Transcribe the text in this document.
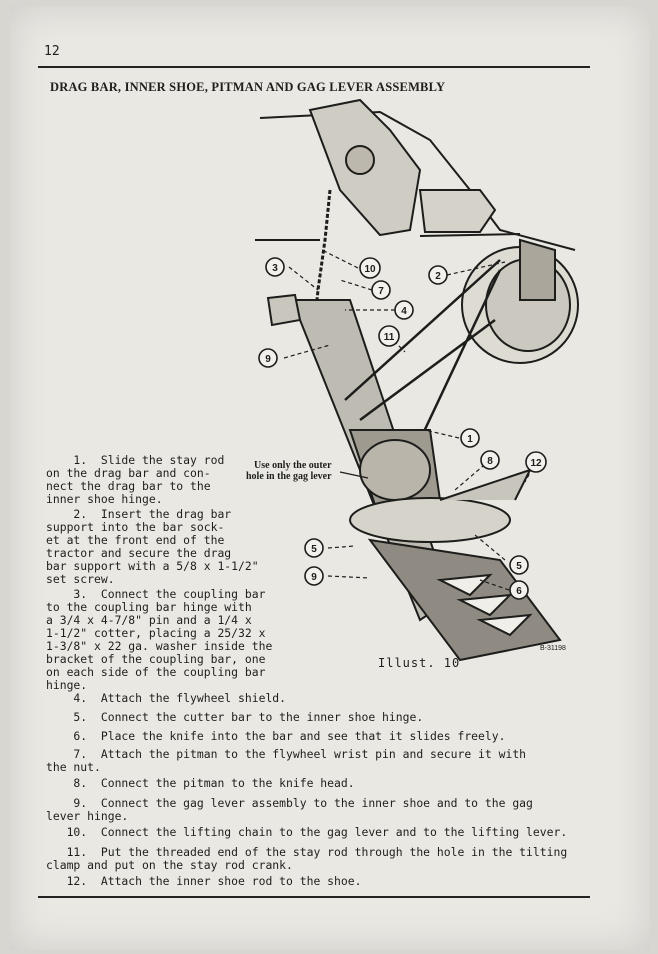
12
DRAG BAR, INNER SHOE, PITMAN AND GAG LEVER ASSEMBLY
1
2
3
4
5
5
6
7
8
9
9
10
11
12
Use only the outer
hole in the gag lever
Illust. 10
B-31198
1.  Slide the stay rod
on the drag bar and con-
nect the drag bar to the
inner shoe hinge.
2.  Insert the drag bar
support into the bar sock-
et at the front end of the
tractor and secure the drag
bar support with a 5/8 x 1-1/2"
set screw.
3.  Connect the coupling bar
to the coupling bar hinge with
a 3/4 x 4-7/8" pin and a 1/4 x
1-1/2" cotter, placing a 25/32 x
1-3/8" x 22 ga. washer inside the
bracket of the coupling bar, one
on each side of the coupling bar
hinge.
4.  Attach the flywheel shield.
5.  Connect the cutter bar to the inner shoe hinge.
6.  Place the knife into the bar and see that it slides freely.
7.  Attach the pitman to the flywheel wrist pin and secure it with
the nut.
8.  Connect the pitman to the knife head.
9.  Connect the gag lever assembly to the inner shoe and to the gag
lever hinge.
10.  Connect the lifting chain to the gag lever and to the lifting lever.
11.  Put the threaded end of the stay rod through the hole in the tilting
clamp and put on the stay rod crank.
12.  Attach the inner shoe rod to the shoe.
